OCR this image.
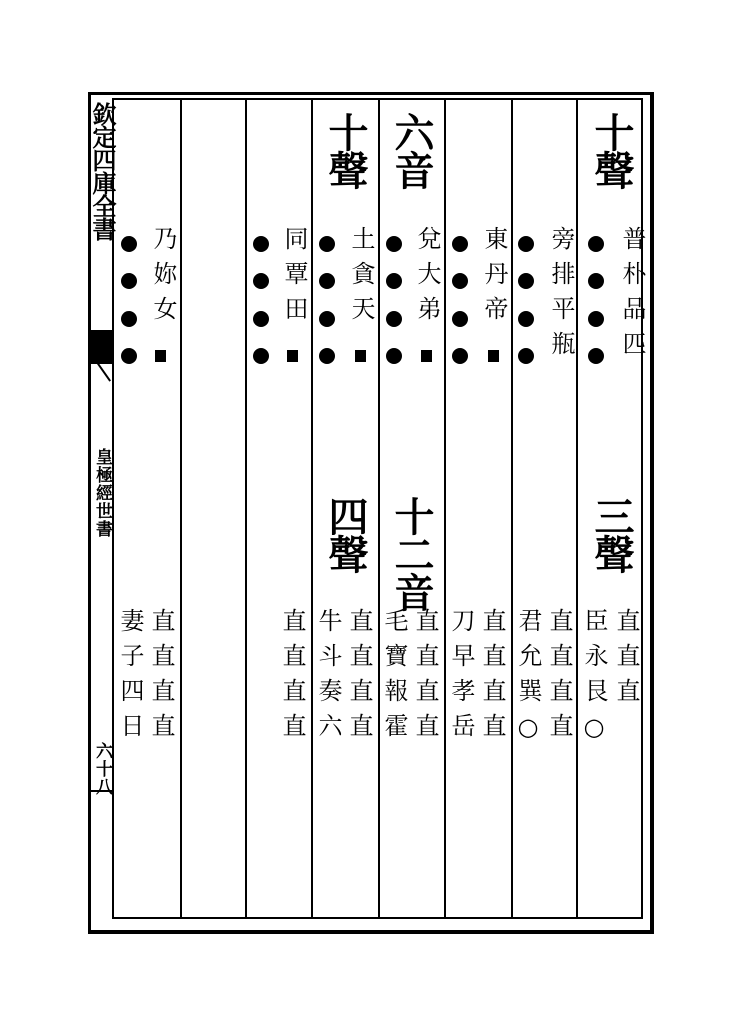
欽定四庫全書
皇極經世書
六十八
十聲
普朴品匹
三聲
直直直
臣永艮○
旁排平瓶
直直直直
君允巽○
東丹帝
直直直直
刀早孝岳
六音
兌大弟
十二音
直直直直
毛寶報霍
十聲
土貪天
四聲
直直直直
牛斗奏六
同覃田
直直直直
乃妳女
直直直直
妻子四日
